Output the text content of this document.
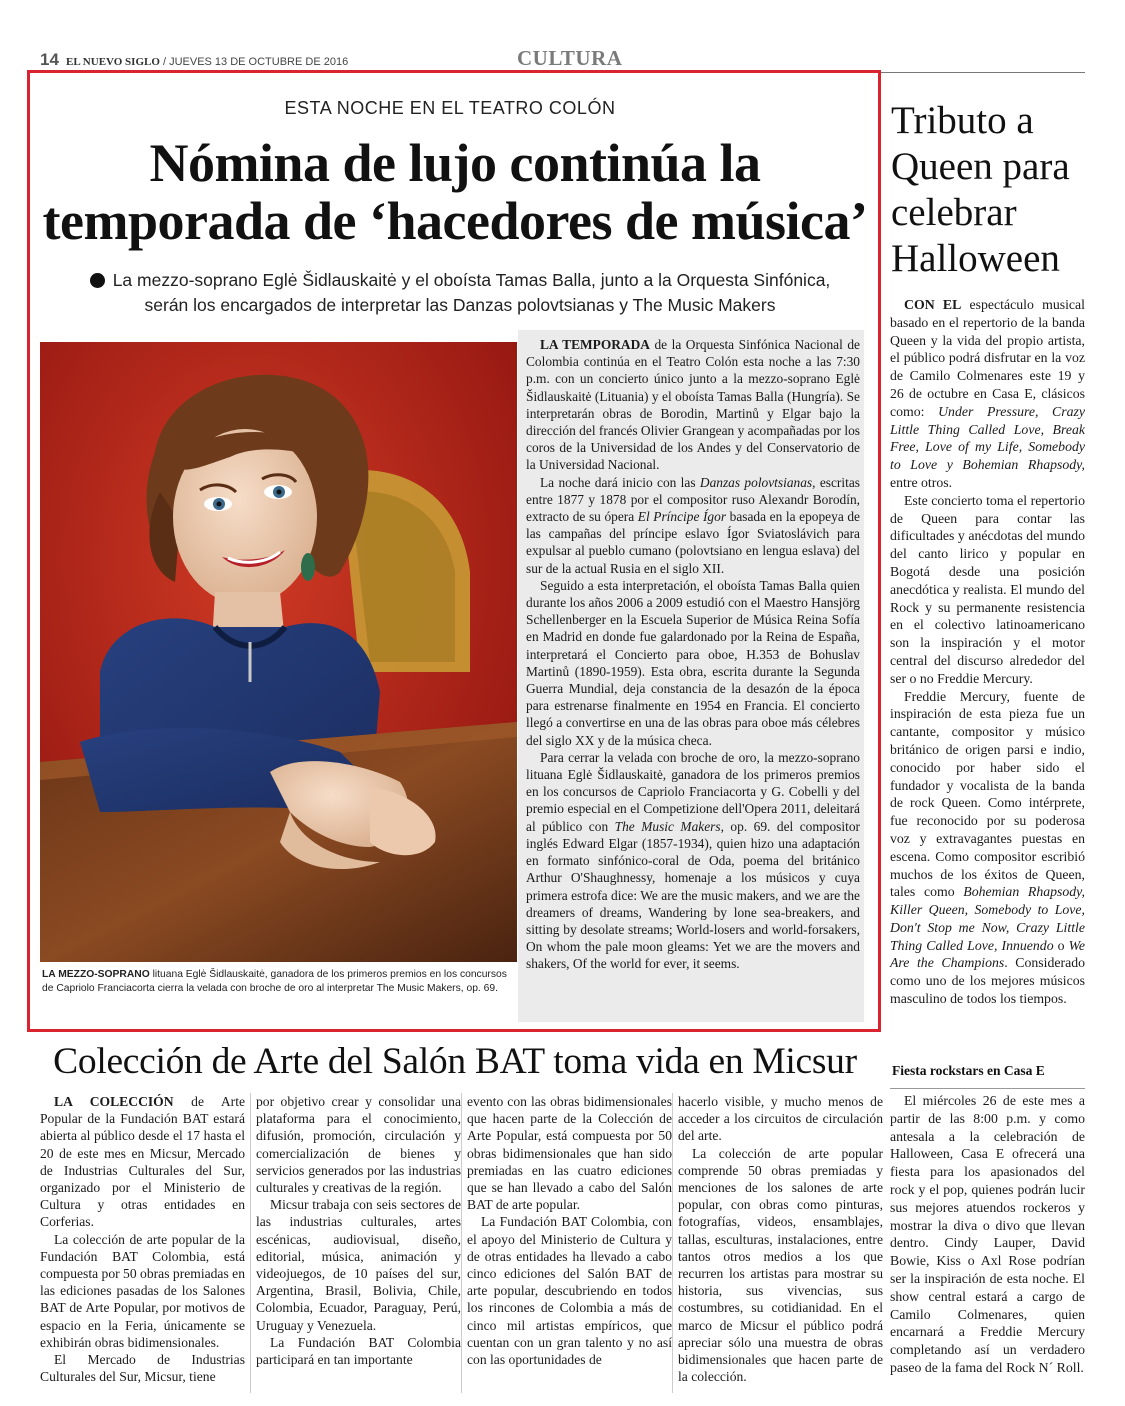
14 EL NUEVO SIGLO / JUEVES 13 DE OCTUBRE DE 2016	CULTURA
ESTA NOCHE EN EL TEATRO COLÓN
Nómina de lujo continúa la
temporada de ‘hacedores de música’
La mezzo-soprano Eglė Šidlauskaitė y el oboísta Tamas Balla, junto a la Orquesta Sinfónica,
serán los encargados de interpretar las Danzas polovtsianas y The Music Makers
LA MEZZO-SOPRANO lituana Eglė Šidlauskaitė, ganadora de los primeros premios en los concursos de Capriolo Franciacorta cierra la velada con broche de oro al interpretar The Music Makers, op. 69.

LA TEMPORADA de la Orquesta Sinfónica Nacional de Colombia continúa en el Teatro Colón esta noche a las 7:30 p.m. con un concierto único junto a la mezzo-soprano Eglė Šidlauskaitė (Lituania) y el oboísta Tamas Balla (Hungría). Se interpretarán obras de Borodin, Martinů y Elgar bajo la dirección del francés Olivier Grangean y acompañadas por los coros de la Universidad de los Andes y del Conservatorio de la Universidad Nacional.

La noche dará inicio con las Danzas polovtsianas, escritas entre 1877 y 1878 por el compositor ruso Alexandr Borodín, extracto de su ópera El Príncipe Ígor basada en la epopeya de las campañas del príncipe eslavo Ígor Sviatoslávich para expulsar al pueblo cumano (polovtsiano en lengua eslava) del sur de la actual Rusia en el siglo XII.

Seguido a esta interpretación, el oboísta Tamas Balla quien durante los años 2006 a 2009 estudió con el Maestro Hansjörg Schellenberger en la Escuela Superior de Música Reina Sofía en Madrid en donde fue galardonado por la Reina de España, interpretará el Concierto para oboe, H.353 de Bohuslav Martinů (1890-1959). Esta obra, escrita durante la Segunda Guerra Mundial, deja constancia de la desazón de la época para estrenarse finalmente en 1954 en Francia. El concierto llegó a convertirse en una de las obras para oboe más célebres del siglo XX y de la música checa.

Para cerrar la velada con broche de oro, la mezzo-soprano lituana Eglė Šidlauskaitė, ganadora de los primeros premios en los concursos de Capriolo Franciacorta y G. Cobelli y del premio especial en el Competizione dell'Opera 2011, deleitará al público con The Music Makers, op. 69. del compositor inglés Edward Elgar (1857-1934), quien hizo una adaptación en formato sinfónico-coral de Oda, poema del británico Arthur O'Shaughnessy, homenaje a los músicos y cuya primera estrofa dice: We are the music makers, and we are the dreamers of dreams, Wandering by lone sea-breakers, and sitting by desolate streams; World-losers and world-forsakers, On whom the pale moon gleams: Yet we are the movers and shakers, Of the world for ever, it seems.

Tributo a Queen para celebrar Halloween

CON EL espectáculo musical basado en el repertorio de la banda Queen y la vida del propio artista, el público podrá disfrutar en la voz de Camilo Colmenares este 19 y 26 de octubre en Casa E, clásicos como: Under Pressure, Crazy Little Thing Called Love, Break Free, Love of my Life, Somebody to Love y Bohemian Rhapsody, entre otros.

Este concierto toma el repertorio de Queen para contar las dificultades y anécdotas del mundo del canto lirico y popular en Bogotá desde una posición anecdótica y realista. El mundo del Rock y su permanente resistencia en el colectivo latinoamericano son la inspiración y el motor central del discurso alrededor del ser o no Freddie Mercury.

Freddie Mercury, fuente de inspiración de esta pieza fue un cantante, compositor y músico británico de origen parsi e indio, conocido por haber sido el fundador y vocalista de la banda de rock Queen. Como intérprete, fue reconocido por su poderosa voz y extravagantes puestas en escena. Como compositor escribió muchos de los éxitos de Queen, tales como Bohemian Rhapsody, Killer Queen, Somebody to Love, Don't Stop me Now, Crazy Little Thing Called Love, Innuendo o We Are the Champions. Considerado como uno de los mejores músicos masculino de todos los tiempos.

Fiesta rockstars en Casa E

El miércoles 26 de este mes a partir de las 8:00 p.m. y como antesala a la celebración de Halloween, Casa E ofrecerá una fiesta para los apasionados del rock y el pop, quienes podrán lucir sus mejores atuendos rockeros y mostrar la diva o divo que llevan dentro. Cindy Lauper, David Bowie, Kiss o Axl Rose podrían ser la inspiración de esta noche. El show central estará a cargo de Camilo Colmenares, quien encarnará a Freddie Mercury completando así un verdadero paseo de la fama del Rock N´ Roll.

Colección de Arte del Salón BAT toma vida en Micsur

LA COLECCIÓN de Arte Popular de la Fundación BAT estará abierta al público desde el 17 hasta el 20 de este mes en Micsur, Mercado de Industrias Culturales del Sur, organizado por el Ministerio de Cultura y otras entidades en Corferias.

La colección de arte popular de la Fundación BAT Colombia, está compuesta por 50 obras premiadas en las ediciones pasadas de los Salones BAT de Arte Popular, por motivos de espacio en la Feria, únicamente se exhibirán obras bidimensionales.

El Mercado de Industrias Culturales del Sur, Micsur, tiene

por objetivo crear y consolidar una plataforma para el conocimiento, difusión, promoción, circulación y comercialización de bienes y servicios generados por las industrias culturales y creativas de la región.

Micsur trabaja con seis sectores de las industrias culturales, artes escénicas, audiovisual, diseño, editorial, música, animación y videojuegos, de 10 países del sur, Argentina, Brasil, Bolivia, Chile, Colombia, Ecuador, Paraguay, Perú, Uruguay y Venezuela.

La Fundación BAT Colombia participará en tan importante

evento con las obras bidimensionales que hacen parte de la Colección de Arte Popular, está compuesta por 50 obras bidimensionales que han sido premiadas en las cuatro ediciones que se han llevado a cabo del Salón BAT de arte popular.

La Fundación BAT Colombia, con el apoyo del Ministerio de Cultura y de otras entidades ha llevado a cabo cinco ediciones del Salón BAT de arte popular, descubriendo en todos los rincones de Colombia a más de cinco mil artistas empíricos, que cuentan con un gran talento y no así con las oportunidades de

hacerlo visible, y mucho menos de acceder a los circuitos de circulación del arte.

La colección de arte popular comprende 50 obras premiadas y menciones de los salones de arte popular, con obras como pinturas, fotografías, videos, ensamblajes, tallas, esculturas, instalaciones, entre tantos otros medios a los que recurren los artistas para mostrar su historia, sus vivencias, sus costumbres, su cotidianidad. En el marco de Micsur el público podrá apreciar sólo una muestra de obras bidimensionales que hacen parte de la colección.
